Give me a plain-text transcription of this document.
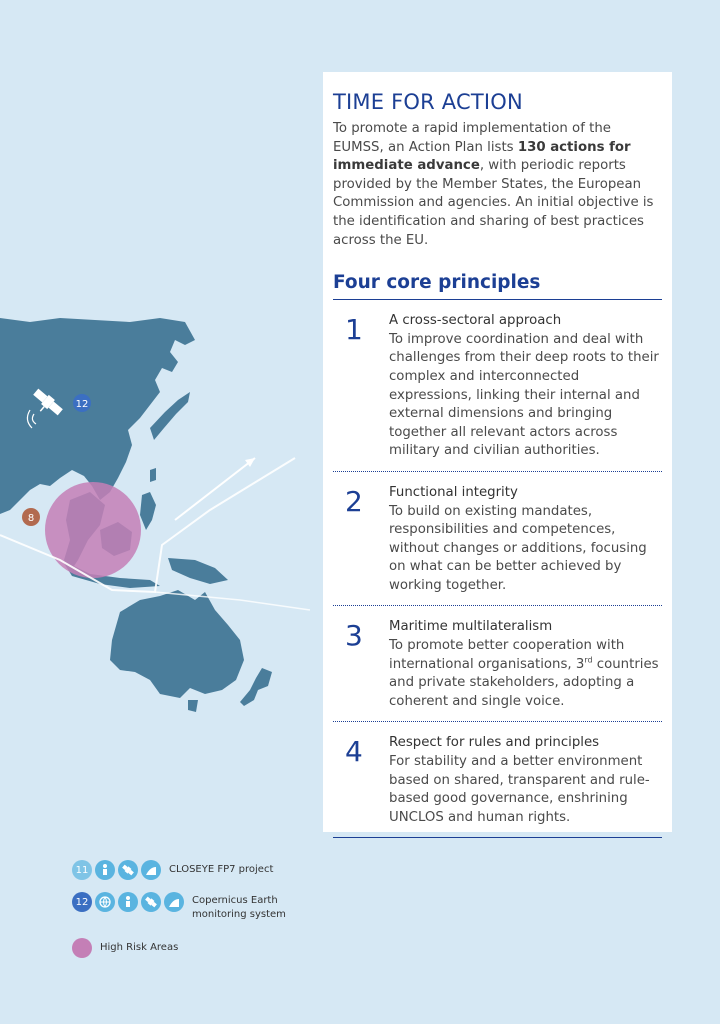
12
8
TIME FOR ACTION

To promote a rapid implementation of the EUMSS, an Action Plan lists 130 actions for immediate advance, with periodic reports provided by the Member States, the European Commission and agencies. An initial objective is the identification and sharing of best practices across the EU.

Four core principles
1	A cross-sectoral approach
To improve coordination and deal with challenges from their deep roots to their complex and interconnected expressions, linking their internal and external dimensions and bringing together all relevant actors across military and civilian authorities.
2	Functional integrity
To build on existing mandates, responsibilities and competences, without changes or additions, focusing on what can be better achieved by working together.
3	Maritime multilateralism
To promote better cooperation with international organisations, 3rd countries and private stakeholders, adopting a coherent and single voice.
4	Respect for rules and principles
For stability and a better environment based on shared, transparent and rule-based good governance, enshrining UNCLOS and human rights.
11	CLOSEYE FP7 project
12	Copernicus Earth monitoring system
High Risk Areas
